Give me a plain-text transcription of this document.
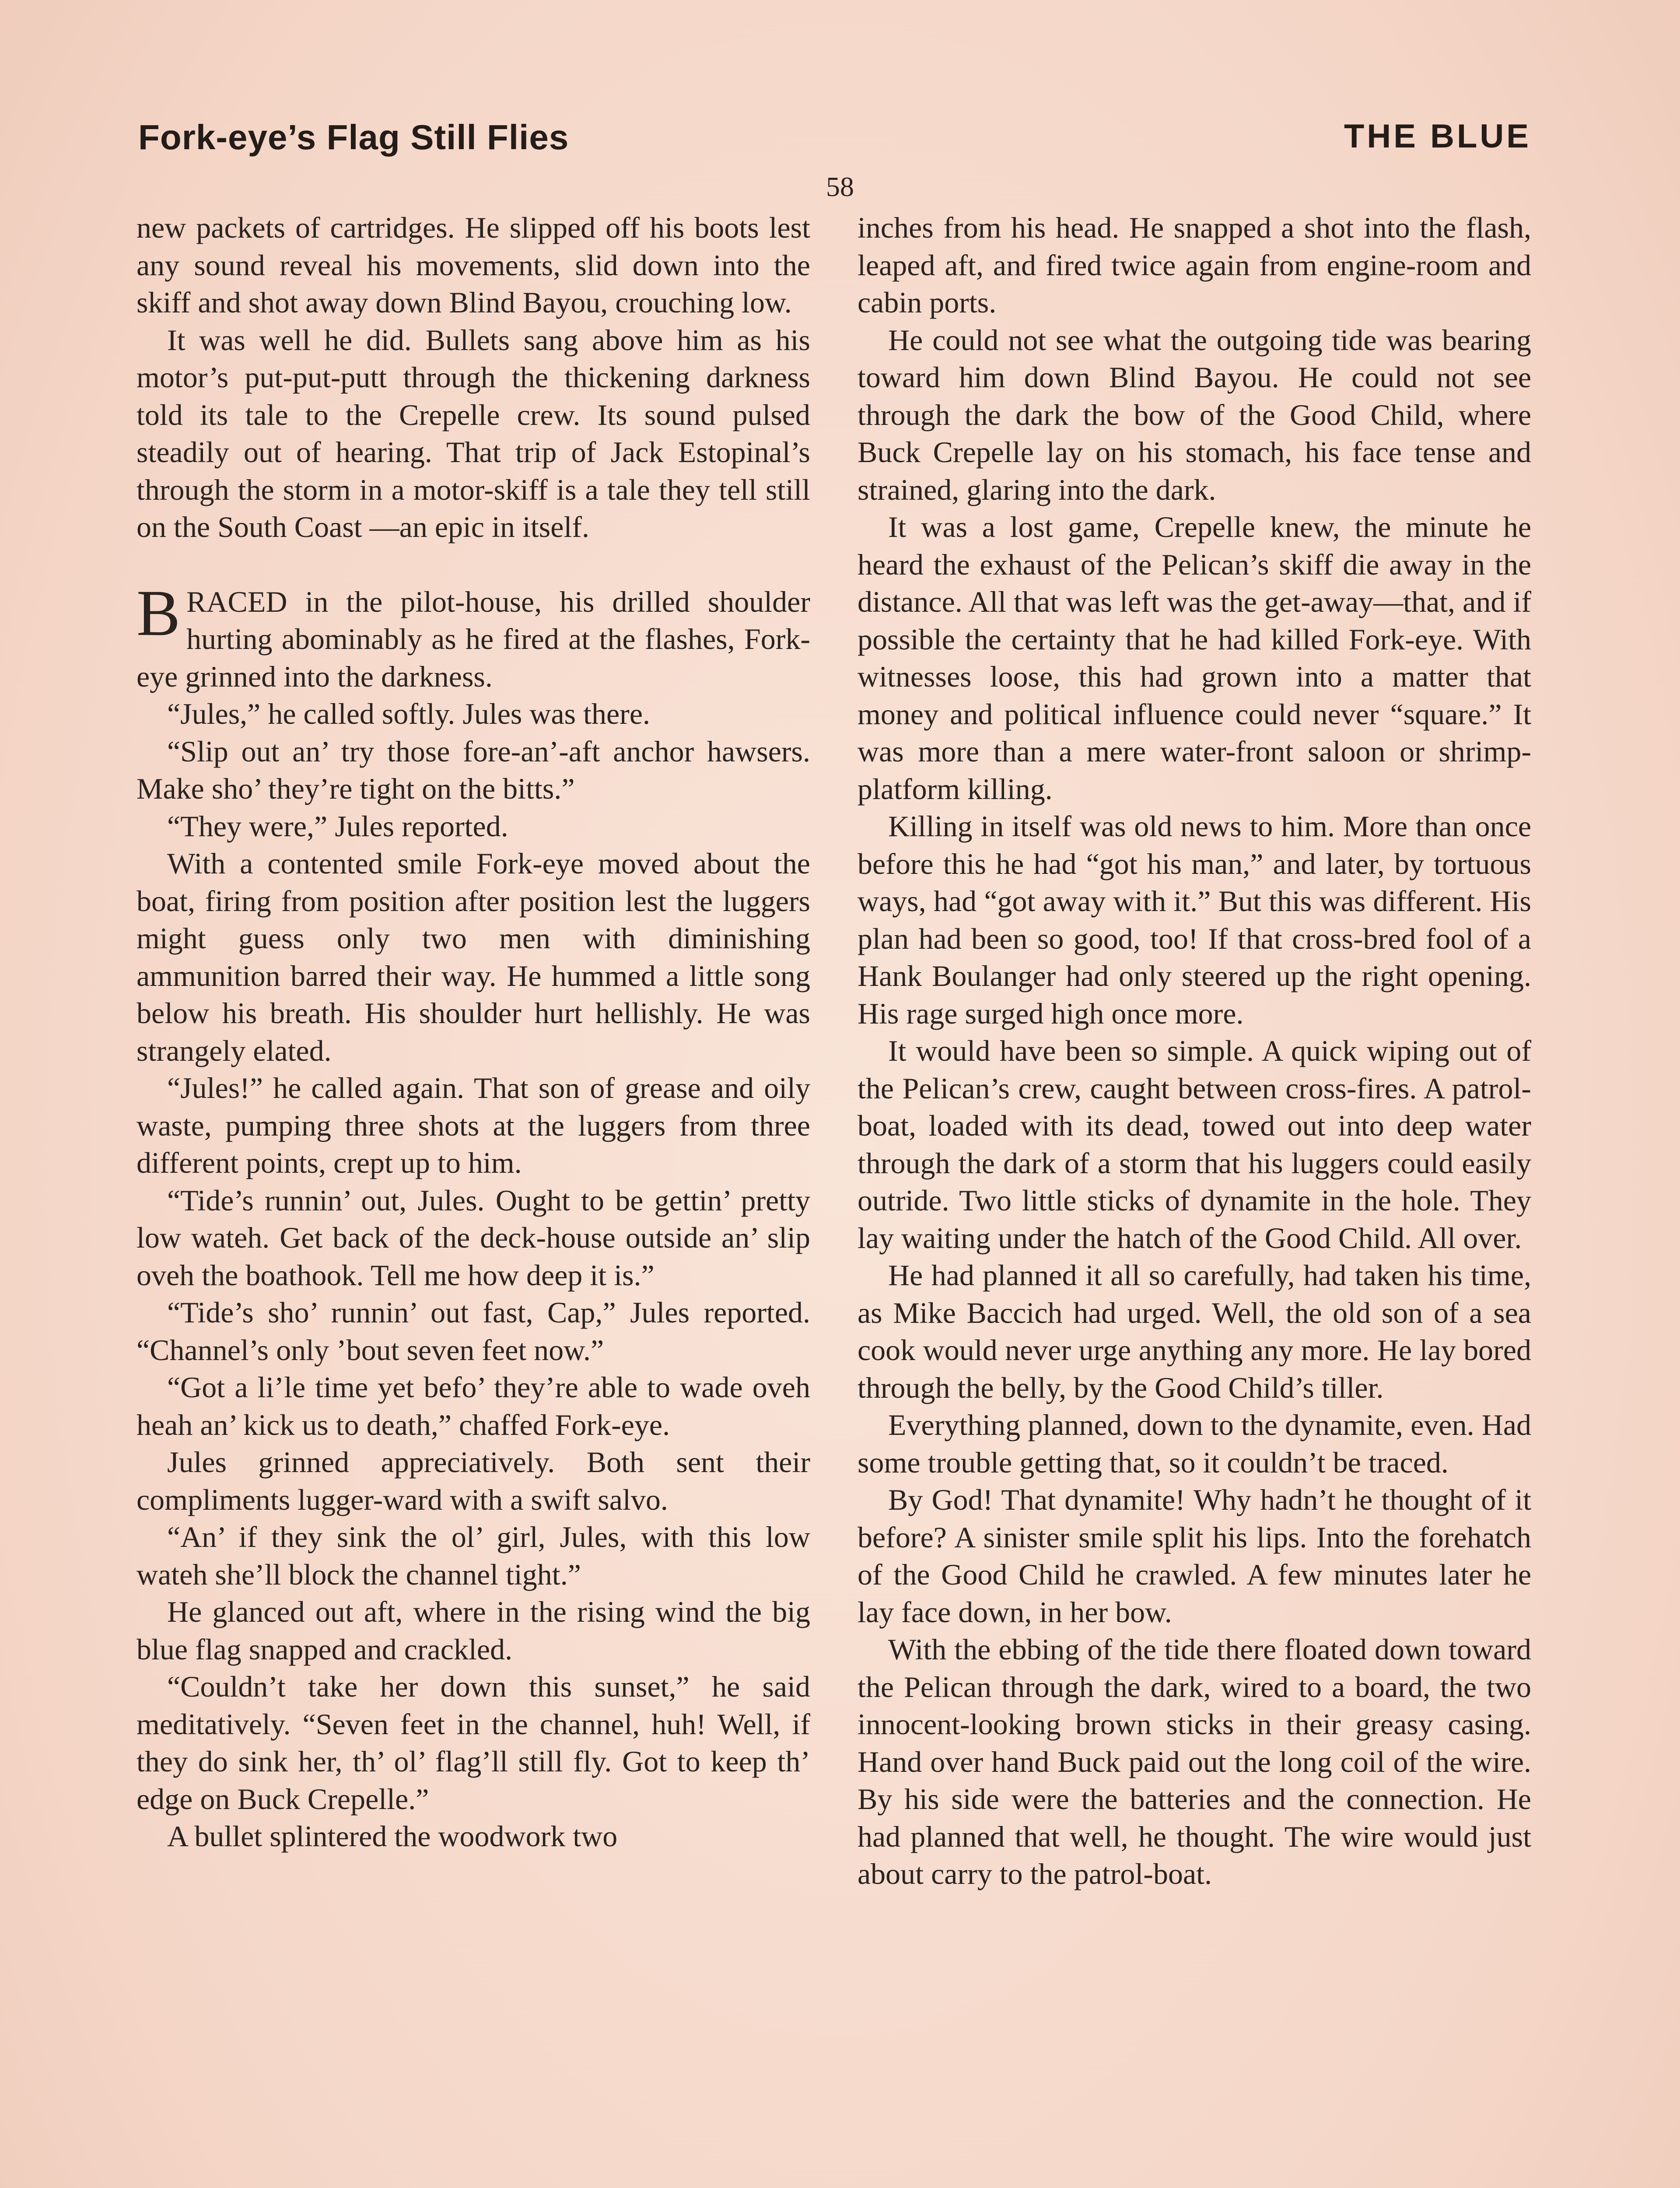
Fork-eye’s Flag Still Flies	THE BLUE
58

new packets of cartridges. He slipped off his boots lest any sound reveal his movements, slid down into the skiff and shot away down Blind Bayou, crouching low.

It was well he did. Bullets sang above him as his motor’s put-put-putt through the thickening darkness told its tale to the Crepelle crew. Its sound pulsed steadily out of hearing. That trip of Jack Estopinal’s through the storm in a motor-skiff is a tale they tell still on the South Coast —an epic in itself.

BRACED in the pilot-house, his drilled shoulder hurting abominably as he fired at the flashes, Fork-eye grinned into the darkness.

“Jules,” he called softly. Jules was there.

“Slip out an’ try those fore-an’-aft anchor hawsers. Make sho’ they’re tight on the bitts.”

“They were,” Jules reported.

With a contented smile Fork-eye moved about the boat, firing from position after position lest the luggers might guess only two men with diminishing ammunition barred their way. He hummed a little song below his breath. His shoulder hurt hellishly. He was strangely elated.

“Jules!” he called again. That son of grease and oily waste, pumping three shots at the luggers from three different points, crept up to him.

“Tide’s runnin’ out, Jules. Ought to be gettin’ pretty low wateh. Get back of the deck-house outside an’ slip oveh the boathook. Tell me how deep it is.”

“Tide’s sho’ runnin’ out fast, Cap,” Jules reported. “Channel’s only ’bout seven feet now.”

“Got a li’le time yet befo’ they’re able to wade oveh heah an’ kick us to death,” chaffed Fork-eye.

Jules grinned appreciatively. Both sent their compliments lugger-ward with a swift salvo.

“An’ if they sink the ol’ girl, Jules, with this low wateh she’ll block the channel tight.”

He glanced out aft, where in the rising wind the big blue flag snapped and crackled.

“Couldn’t take her down this sunset,” he said meditatively. “Seven feet in the channel, huh! Well, if they do sink her, th’ ol’ flag’ll still fly. Got to keep th’ edge on Buck Crepelle.”

A bullet splintered the woodwork two

inches from his head. He snapped a shot into the flash, leaped aft, and fired twice again from engine-room and cabin ports.

He could not see what the outgoing tide was bearing toward him down Blind Bayou. He could not see through the dark the bow of the Good Child, where Buck Crepelle lay on his stomach, his face tense and strained, glaring into the dark.

It was a lost game, Crepelle knew, the minute he heard the exhaust of the Pelican’s skiff die away in the distance. All that was left was the get-away—that, and if possible the certainty that he had killed Fork-eye. With witnesses loose, this had grown into a matter that money and political influence could never “square.” It was more than a mere water-front saloon or shrimp-platform killing.

Killing in itself was old news to him. More than once before this he had “got his man,” and later, by tortuous ways, had “got away with it.” But this was different. His plan had been so good, too! If that cross-bred fool of a Hank Boulanger had only steered up the right opening. His rage surged high once more.

It would have been so simple. A quick wiping out of the Pelican’s crew, caught between cross-fires. A patrol-boat, loaded with its dead, towed out into deep water through the dark of a storm that his luggers could easily outride. Two little sticks of dynamite in the hole. They lay waiting under the hatch of the Good Child. All over.

He had planned it all so carefully, had taken his time, as Mike Baccich had urged. Well, the old son of a sea cook would never urge anything any more. He lay bored through the belly, by the Good Child’s tiller.

Everything planned, down to the dynamite, even. Had some trouble getting that, so it couldn’t be traced.

By God! That dynamite! Why hadn’t he thought of it before? A sinister smile split his lips. Into the forehatch of the Good Child he crawled. A few minutes later he lay face down, in her bow.

With the ebbing of the tide there floated down toward the Pelican through the dark, wired to a board, the two innocent-looking brown sticks in their greasy casing. Hand over hand Buck paid out the long coil of the wire. By his side were the batteries and the connection. He had planned that well, he thought. The wire would just about carry to the patrol-boat.
